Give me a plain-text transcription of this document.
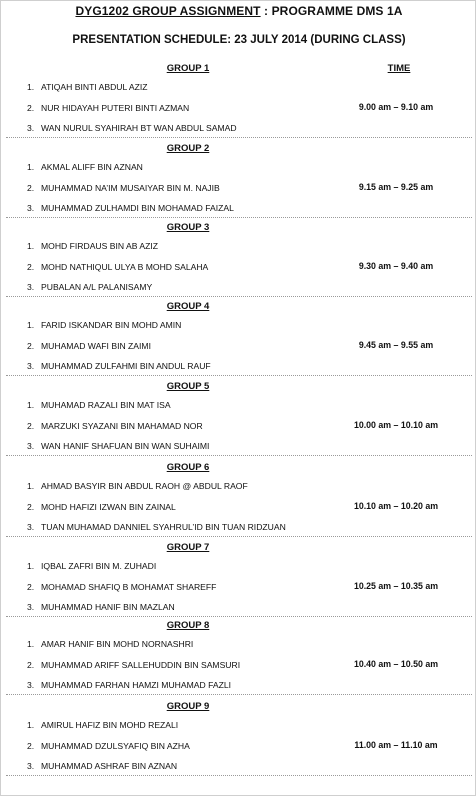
DYG1202 GROUP ASSIGNMENT : PROGRAMME DMS 1A
PRESENTATION SCHEDULE: 23 JULY 2014 (DURING CLASS)
GROUP 1	TIME
1. ATIQAH BINTI ABDUL AZIZ
2. NUR HIDAYAH PUTERI BINTI AZMAN
3. WAN NURUL SYAHIRAH BT WAN ABDUL SAMAD
9.00 am – 9.10 am
GROUP 2
1. AKMAL ALIFF BIN AZNAN
2. MUHAMMAD NA’IM MUSAIYAR BIN M. NAJIB
3. MUHAMMAD ZULHAMDI BIN MOHAMAD FAIZAL
9.15 am – 9.25 am
GROUP 3
1. MOHD FIRDAUS BIN AB AZIZ
2. MOHD NATHIQUL ULYA B MOHD SALAHA
3. PUBALAN A/L PALANISAMY
9.30 am – 9.40 am
GROUP 4
1. FARID ISKANDAR BIN MOHD AMIN
2. MUHAMAD WAFI BIN ZAIMI
3. MUHAMMAD ZULFAHMI BIN ANDUL RAUF
9.45 am – 9.55 am
GROUP 5
1. MUHAMAD RAZALI BIN MAT ISA
2. MARZUKI SYAZANI BIN MAHAMAD NOR
3. WAN HANIF SHAFUAN BIN WAN SUHAIMI
10.00 am – 10.10 am
GROUP 6
1. AHMAD BASYIR BIN ABDUL RAOH @ ABDUL RAOF
2. MOHD HAFIZI IZWAN BIN ZAINAL
3. TUAN MUHAMAD DANNIEL SYAHRUL’ID BIN TUAN RIDZUAN
10.10 am – 10.20 am
GROUP 7
1. IQBAL ZAFRI BIN M. ZUHADI
2. MOHAMAD SHAFIQ B MOHAMAT SHAREFF
3. MUHAMMAD HANIF BIN MAZLAN
10.25 am – 10.35 am
GROUP 8
1. AMAR HANIF BIN MOHD NORNASHRI
2. MUHAMMAD ARIFF SALLEHUDDIN BIN SAMSURI
3. MUHAMMAD FARHAN HAMZI MUHAMAD FAZLI
10.40 am – 10.50 am
GROUP 9
1. AMIRUL HAFIZ BIN MOHD REZALI
2. MUHAMMAD DZULSYAFIQ BIN AZHA
3. MUHAMMAD ASHRAF BIN AZNAN
11.00 am – 11.10 am
